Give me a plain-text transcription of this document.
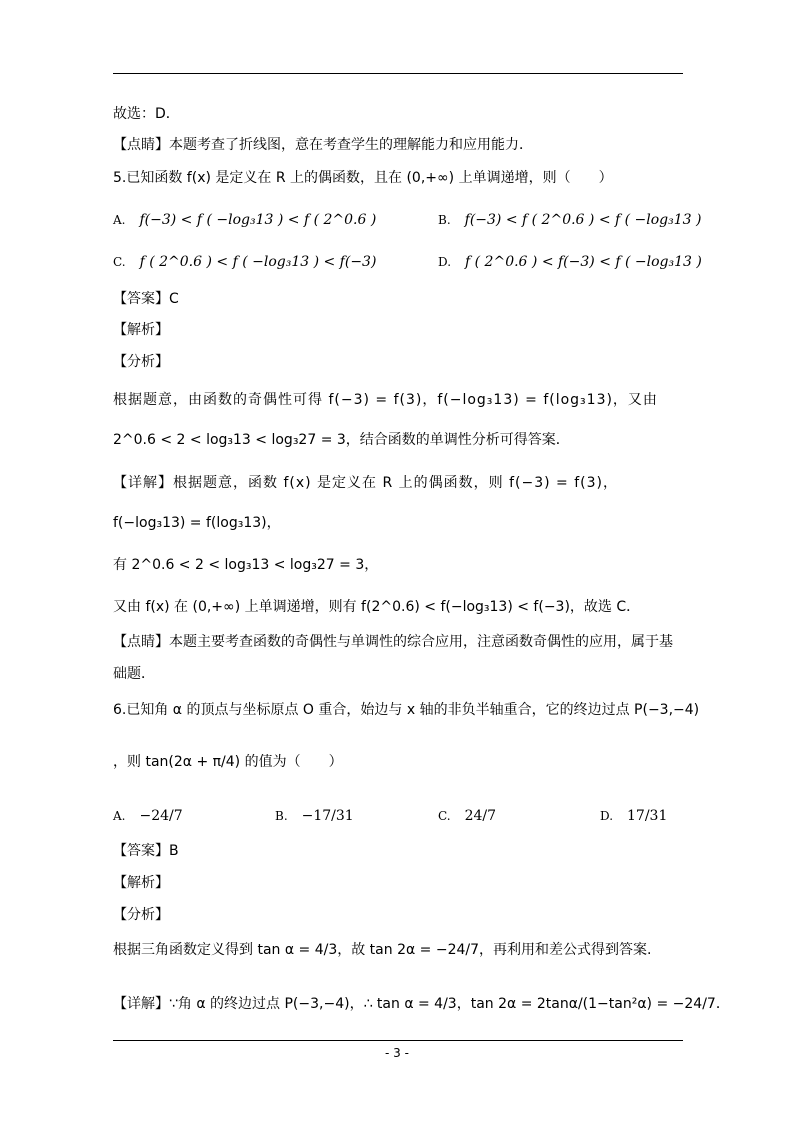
故选：D．
【点睛】本题考查了折线图，意在考查学生的理解能力和应用能力．
5.已知函数 f(x) 是定义在 R 上的偶函数，且在 (0,+∞) 上单调递增，则（　　）
A. f(−3) < f ( −log₃13 ) < f ( 2^0.6 )	B. f(−3) < f ( 2^0.6 ) < f ( −log₃13 )
C. f ( 2^0.6 ) < f ( −log₃13 ) < f(−3)	D. f ( 2^0.6 ) < f(−3) < f ( −log₃13 )
【答案】C
【解析】
【分析】
根据题意，由函数的奇偶性可得 f(−3) = f(3)，f(−log₃13) = f(log₃13)，又由
2^0.6 < 2 < log₃13 < log₃27 = 3，结合函数的单调性分析可得答案．
【详解】根据题意，函数 f(x) 是定义在 R 上的偶函数，则 f(−3) = f(3)，
f(−log₃13) = f(log₃13)，
有 2^0.6 < 2 < log₃13 < log₃27 = 3，
又由 f(x) 在 (0,+∞) 上单调递增，则有 f(2^0.6) < f(−log₃13) < f(−3)，故选 C．
【点睛】本题主要考查函数的奇偶性与单调性的综合应用，注意函数奇偶性的应用，属于基
础题．
6.已知角 α 的顶点与坐标原点 O 重合，始边与 x 轴的非负半轴重合，它的终边过点 P(−3,−4)
，则 tan(2α + π/4) 的值为（　　）
A. −24/7	B. −17/31	C. 24/7	D. 17/31
【答案】B
【解析】
【分析】
根据三角函数定义得到 tan α = 4/3，故 tan 2α = −24/7，再利用和差公式得到答案.
【详解】∵角 α 的终边过点 P(−3,−4)，∴ tan α = 4/3，tan 2α = 2tanα/(1−tan²α) = −24/7．
- 3 -
